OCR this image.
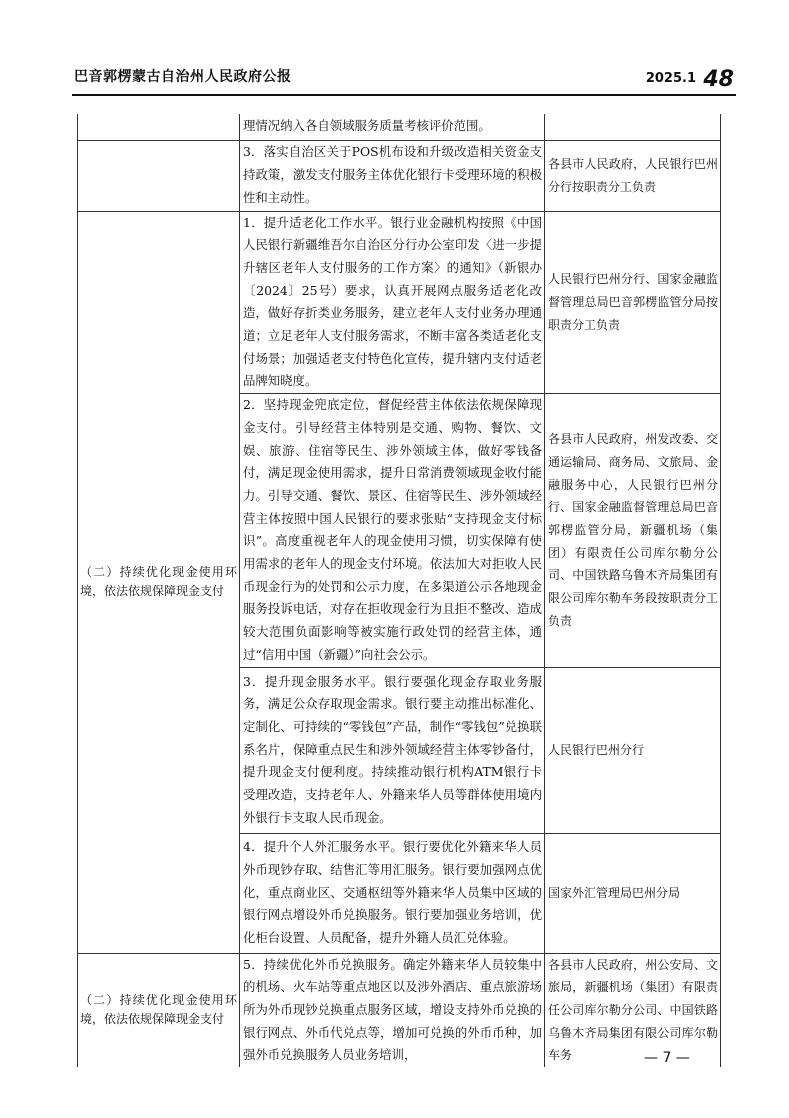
巴音郭楞蒙古自治州人民政府公报	2025.1 48
	理情况纳入各自领域服务质量考核评价范围。	
	3．落实自治区关于POS机布设和升级改造相关资金支持政策，激发支付服务主体优化银行卡受理环境的积极性和主动性。	各县市人民政府，人民银行巴州分行按职责分工负责
（二）持续优化现金使用环境，依法依规保障现金支付	1．提升适老化工作水平。银行业金融机构按照《中国人民银行新疆维吾尔自治区分行办公室印发〈进一步提升辖区老年人支付服务的工作方案〉的通知》（新银办〔2024〕25号）要求，认真开展网点服务适老化改造，做好存折类业务服务，建立老年人支付业务办理通道；立足老年人支付服务需求，不断丰富各类适老化支付场景；加强适老支付特色化宣传，提升辖内支付适老品牌知晓度。	人民银行巴州分行、国家金融监督管理总局巴音郭楞监管分局按职责分工负责
	2．坚持现金兜底定位，督促经营主体依法依规保障现金支付。引导经营主体特别是交通、购物、餐饮、文娱、旅游、住宿等民生、涉外领域主体，做好零钱备付，满足现金使用需求，提升日常消费领域现金收付能力。引导交通、餐饮、景区、住宿等民生、涉外领域经营主体按照中国人民银行的要求张贴“支持现金支付标识”。高度重视老年人的现金使用习惯，切实保障有使用需求的老年人的现金支付环境。依法加大对拒收人民币现金行为的处罚和公示力度，在多渠道公示各地现金服务投诉电话，对存在拒收现金行为且拒不整改、造成较大范围负面影响等被实施行政处罚的经营主体，通过“信用中国（新疆）”向社会公示。	各县市人民政府，州发改委、交通运输局、商务局、文旅局、金融服务中心，人民银行巴州分行、国家金融监督管理总局巴音郭楞监管分局，新疆机场（集团）有限责任公司库尔勒分公司、中国铁路乌鲁木齐局集团有限公司库尔勒车务段按职责分工负责
	3．提升现金服务水平。银行要强化现金存取业务服务，满足公众存取现金需求。银行要主动推出标准化、定制化、可持续的“零钱包”产品，制作“零钱包”兑换联系名片，保障重点民生和涉外领域经营主体零钞备付，提升现金支付便利度。持续推动银行机构ATM银行卡受理改造，支持老年人、外籍来华人员等群体使用境内外银行卡支取人民币现金。	人民银行巴州分行
	4．提升个人外汇服务水平。银行要优化外籍来华人员外币现钞存取、结售汇等用汇服务。银行要加强网点优化，重点商业区、交通枢纽等外籍来华人员集中区域的银行网点增设外币兑换服务。银行要加强业务培训，优化柜台设置、人员配备，提升外籍人员汇兑体验。	国家外汇管理局巴州分局
（二）持续优化现金使用环境，依法依规保障现金支付	5．持续优化外币兑换服务。确定外籍来华人员较集中的机场、火车站等重点地区以及涉外酒店、重点旅游场所为外币现钞兑换重点服务区域，增设支持外币兑换的银行网点、外币代兑点等，增加可兑换的外币币种，加强外币兑换服务人员业务培训，	各县市人民政府，州公安局、文旅局，新疆机场（集团）有限责任公司库尔勒分公司、中国铁路乌鲁木齐局集团有限公司库尔勒车务	— 7 —
